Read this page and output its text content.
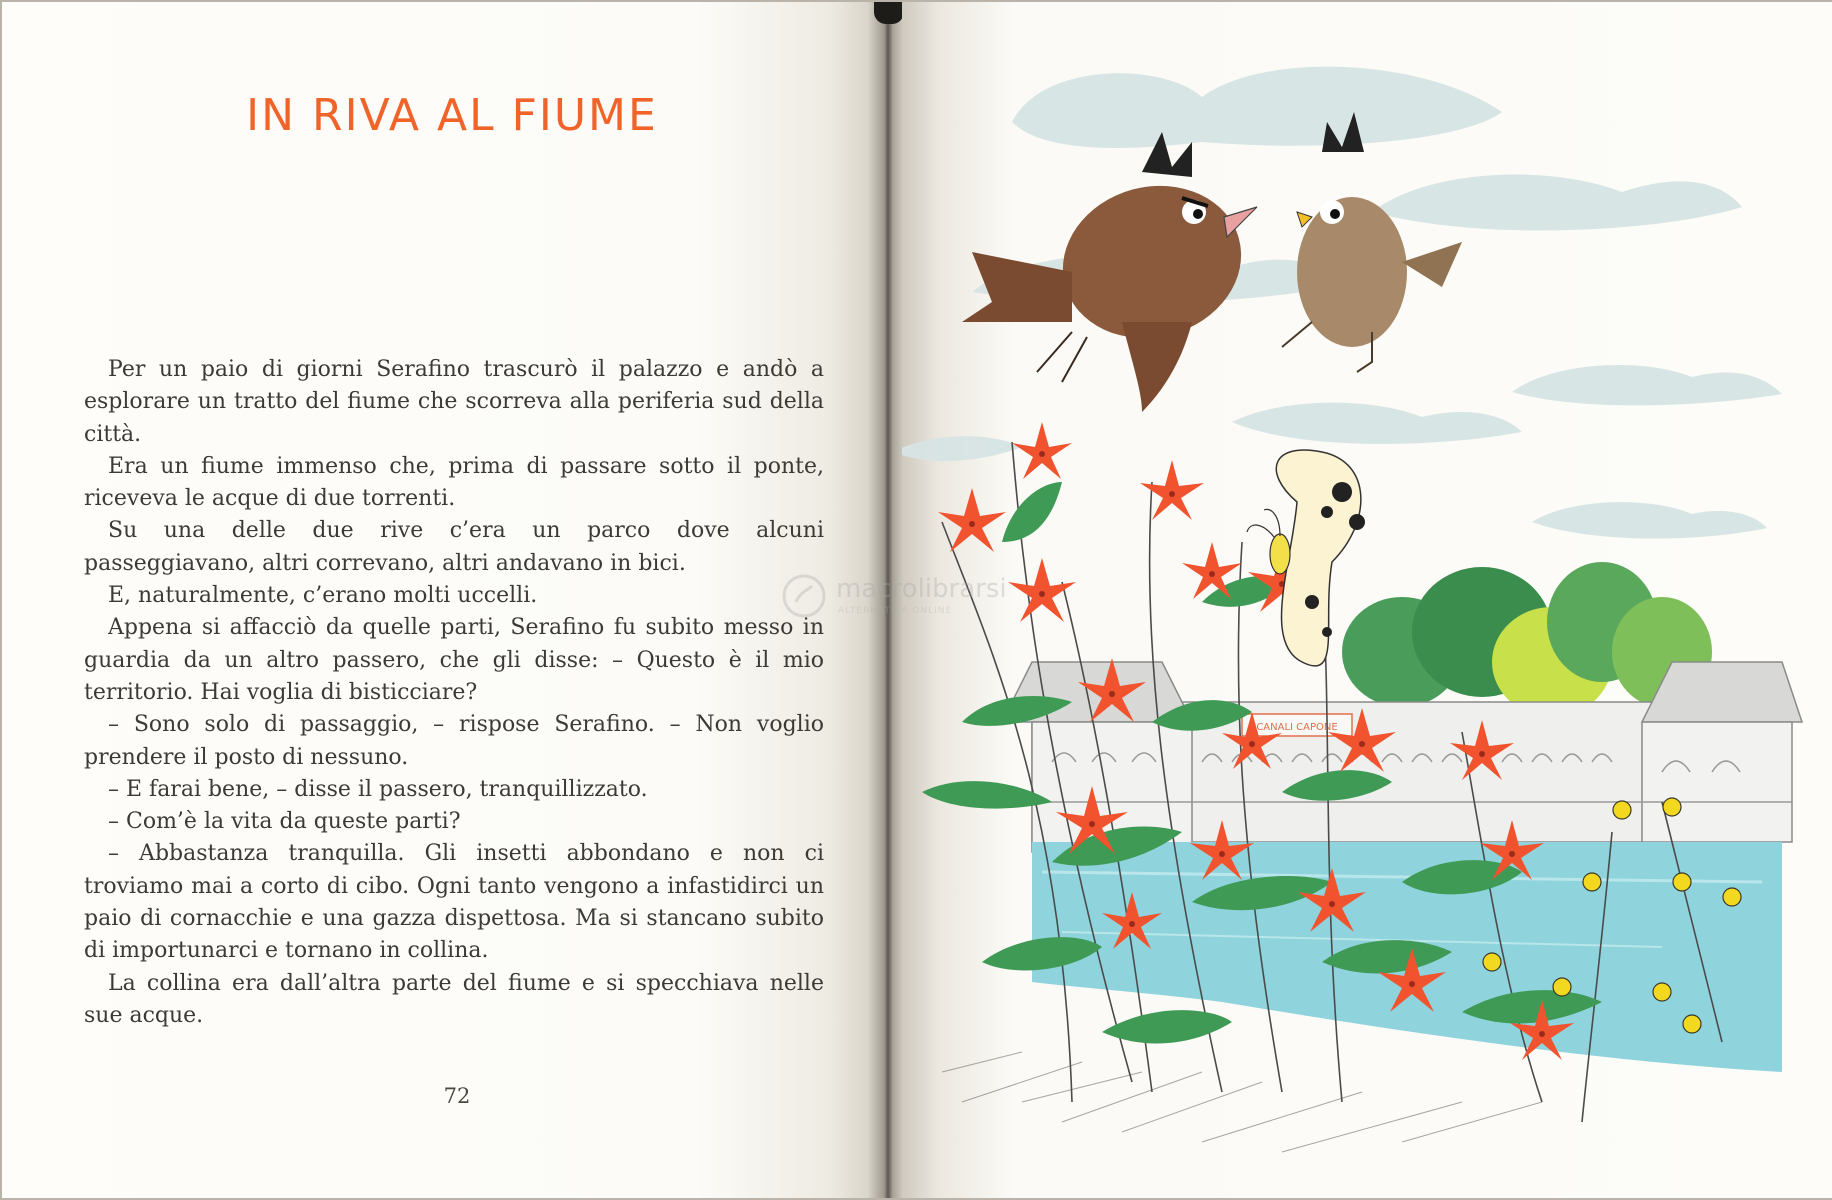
IN RIVA AL FIUME

Per un paio di giorni Serafino trascurò il palazzo e andò a esplorare un tratto del fiume che scorreva alla periferia sud della città.

Era un fiume immenso che, prima di passare sotto il ponte, riceveva le acque di due torrenti.

Su una delle due rive c’era un parco dove alcuni passeggiavano, altri correvano, altri andavano in bici.

E, naturalmente, c’erano molti uccelli.

Appena si affacciò da quelle parti, Serafino fu subito messo in guardia da un altro passero, che gli disse: – Questo è il mio territorio. Hai voglia di bisticciare?

– Sono solo di passaggio, – rispose Serafino. – Non voglio prendere il posto di nessuno.

– E farai bene, – disse il passero, tranquillizzato.

– Com’è la vita da queste parti?

– Abbastanza tranquilla. Gli insetti abbondano e non ci troviamo mai a corto di cibo. Ogni tanto vengono a infastidirci un paio di cornacchie e una gazza dispettosa. Ma si stancano subito di importunarci e tornano in collina.

La collina era dall’altra parte del fiume e si specchiava nelle sue acque.

72
CANALI CAPONE
macrolibrarsi
ALTERNATIVA ONLINE
